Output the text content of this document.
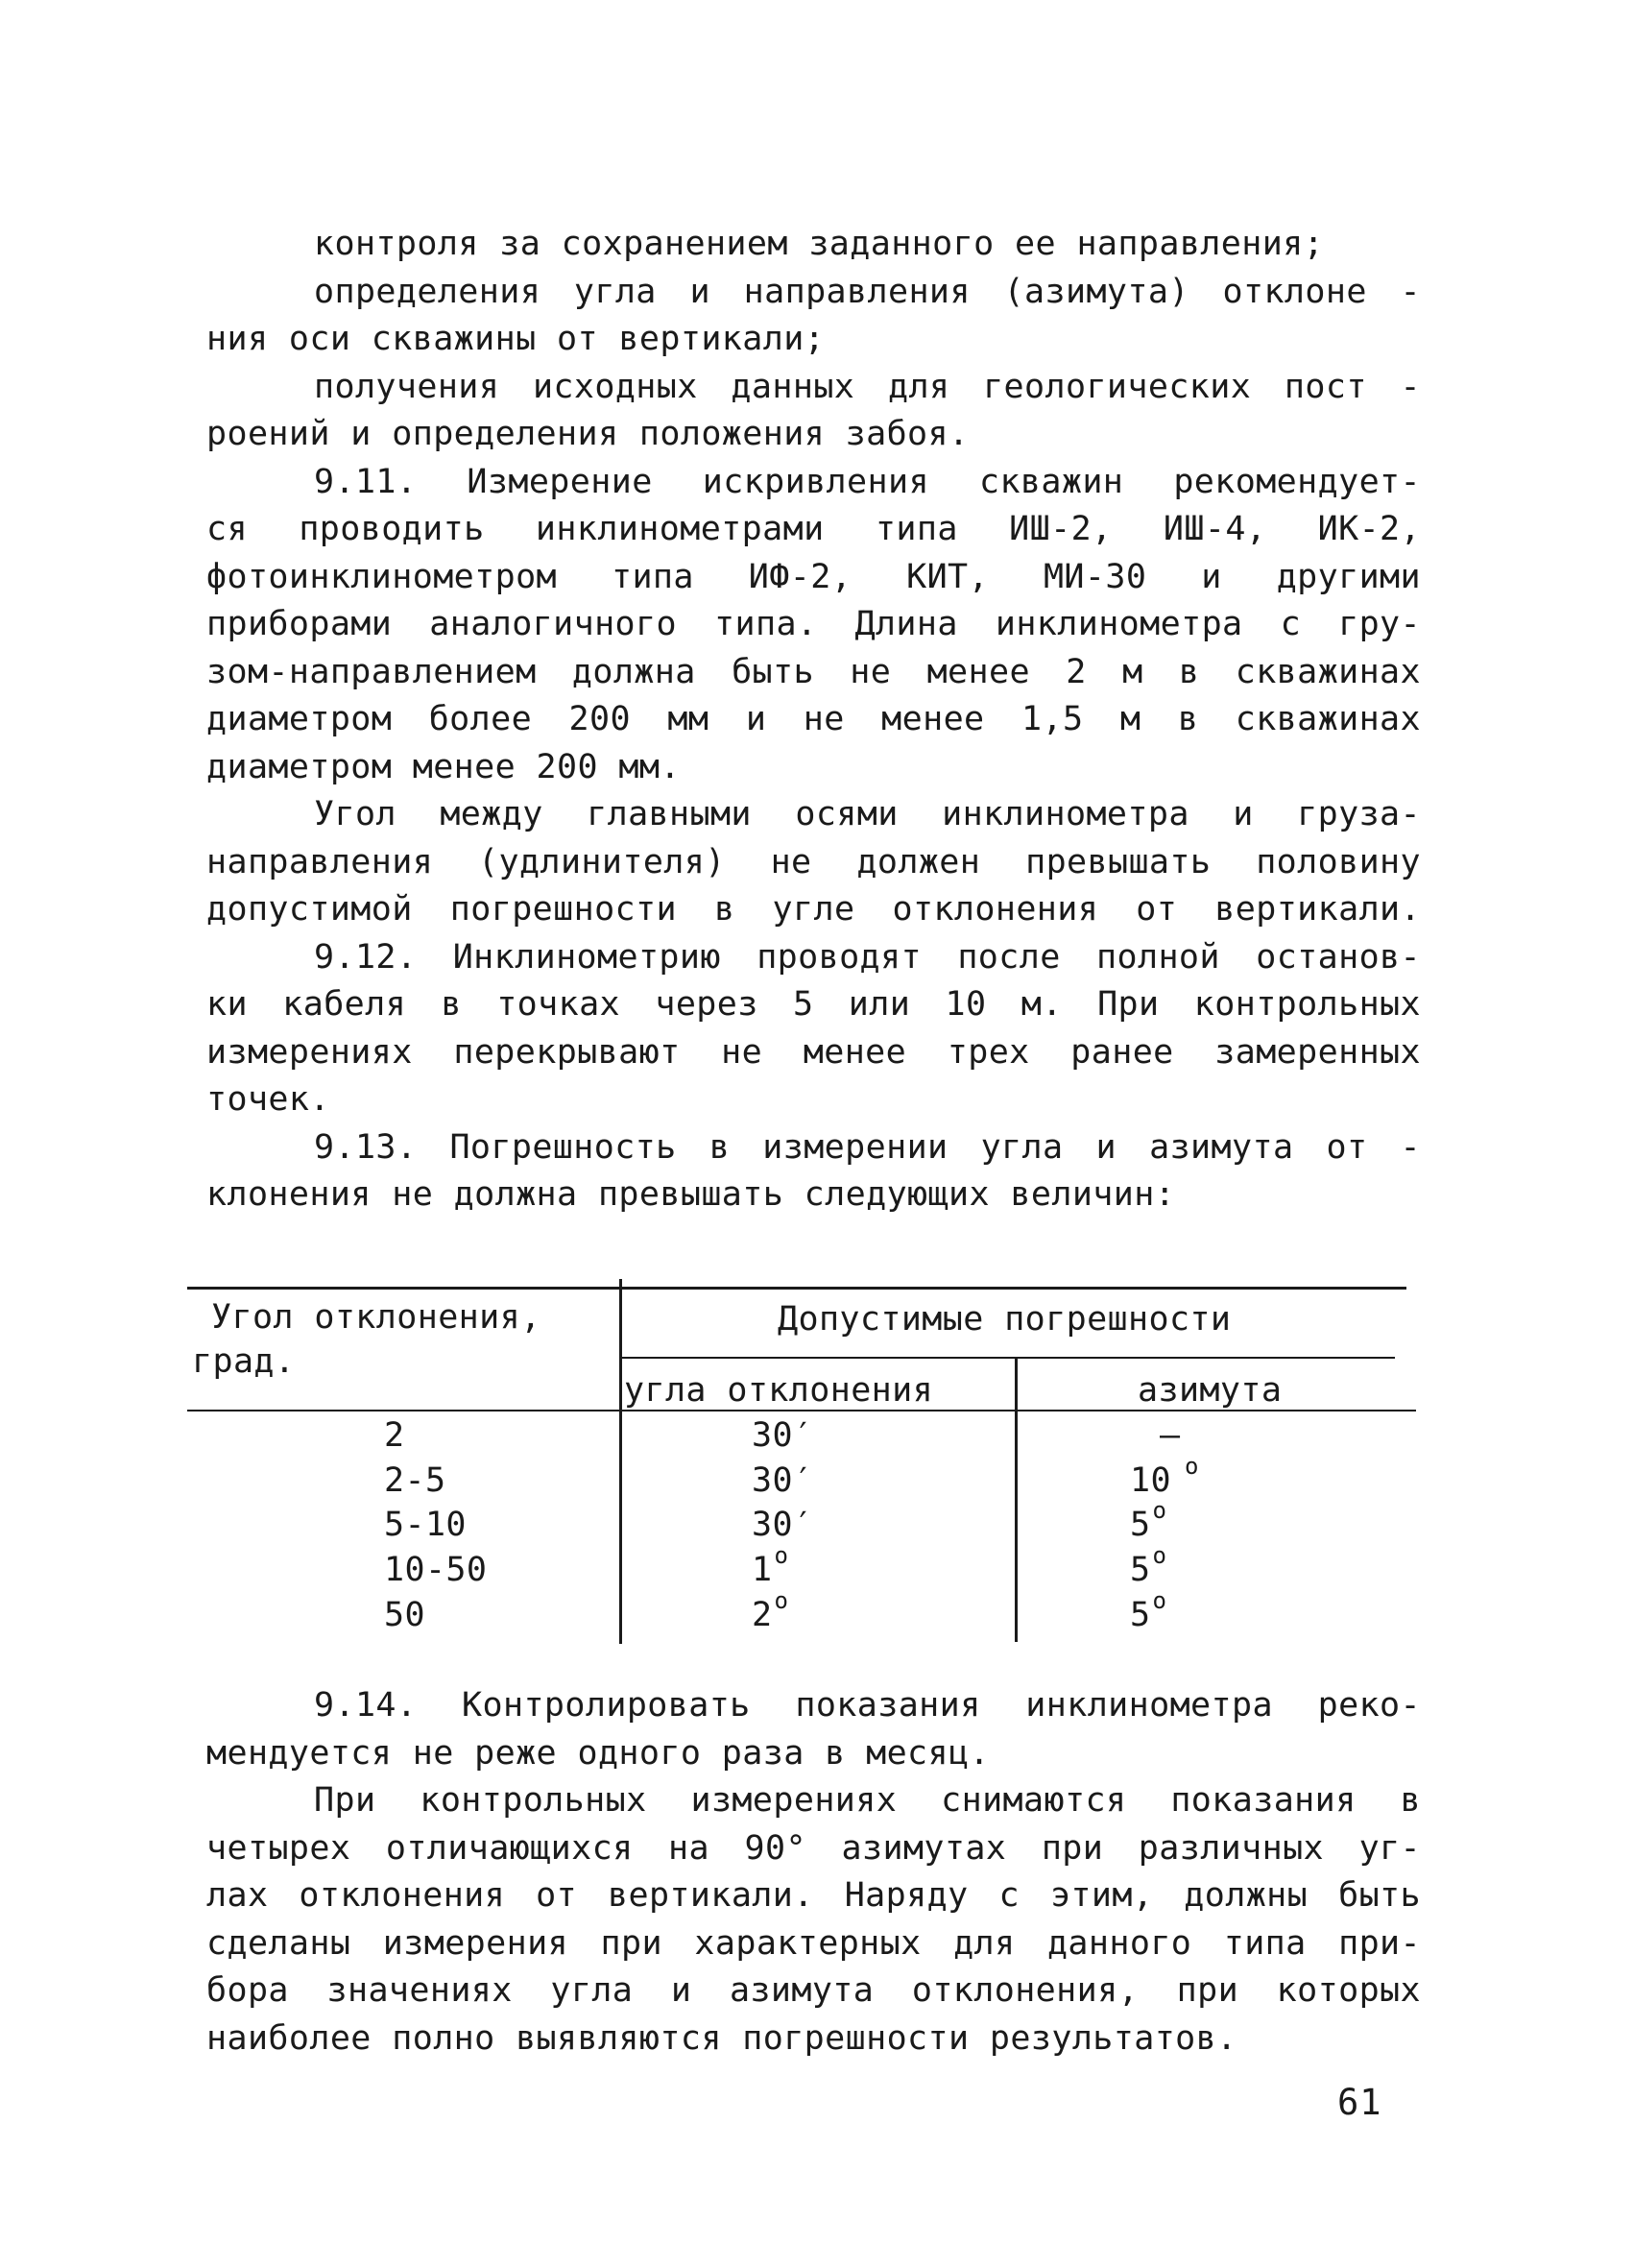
контроля за сохранением заданного ее направления;
определения угла и направления (азимута) отклоне -
ния оси скважины от вертикали;
получения исходных данных для геологических пост -
роений и определения положения забоя.
9.11. Измерение искривления скважин рекомендует-
ся проводить инклинометрами типа ИШ-2, ИШ-4, ИК-2,
фотоинклинометром типа ИФ-2, КИТ, МИ-30 и другими
приборами аналогичного типа. Длина инклинометра с гру-
зом-направлением должна быть не менее 2 м в скважинах
диаметром более 200 мм и не менее 1,5 м в скважинах
диаметром менее 200 мм.
Угол между главными осями инклинометра и груза-
направления (удлинителя) не должен превышать половину
допустимой погрешности в угле отклонения от вертикали.
9.12. Инклинометрию проводят после полной останов-
ки кабеля в точках через 5 или 10 м. При контрольных
измерениях перекрывают не менее трех ранее замеренных
точек.
9.13. Погрешность в измерении угла и азимута от -
клонения не должна превышать следующих величин:
Угол отклонения,
град.
Допустимые погрешности
угла отклонения	азимута
2	30′	–
2-5	30′	10 $^о$
5-10	30′	$5^о$
10-50	$1^о$	$5^о$
50	$2^о$	$5^о$
9.14. Контролировать показания инклинометра реко-
мендуется не реже одного раза в месяц.
При контрольных измерениях снимаются показания в
четырех отличающихся на 90° азимутах при различных уг-
лах отклонения от вертикали. Наряду с этим, должны быть
сделаны измерения при характерных для данного типа при-
бора значениях угла и азимута отклонения, при которых
наиболее полно выявляются погрешности результатов.
61
